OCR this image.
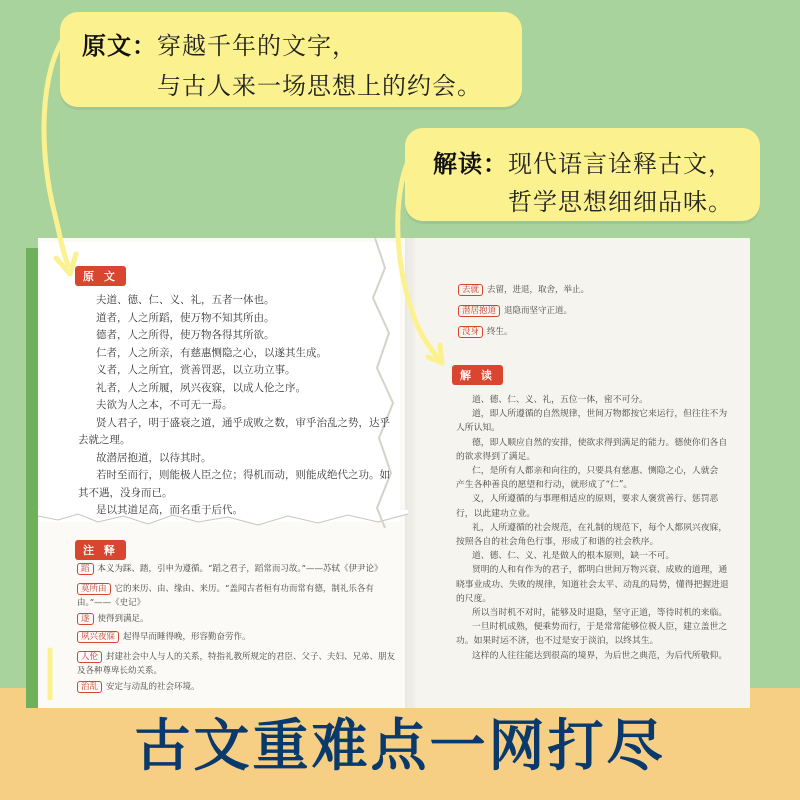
原 文
夫道、德、仁、义、礼，五者一体也。
道者，人之所蹈，使万物不知其所由。
德者，人之所得，使万物各得其所欲。
仁者，人之所亲，有慈惠恻隐之心，以遂其生成。
义者，人之所宜，赏善罚恶，以立功立事。
礼者，人之所履，夙兴夜寐，以成人伦之序。
夫欲为人之本，不可无一焉。
贤人君子，明于盛衰之道，通乎成败之数，审乎治乱之势，达乎
去就之理。
故潜居抱道，以待其时。
若时至而行，则能极人臣之位；得机而动，则能成绝代之功。如
其不遇，没身而已。
是以其道足高，而名重于后代。
注 释
蹈 本义为踩、踏，引申为遵循。“蹈之君子，蹈常而习故。”——苏轼《伊尹论》
莫所由 它的来历、由、缘由、来历。“盖闻古者桓有功而常有德，制礼乐各有由。”——《史记》
遂 使得到满足。
夙兴夜寐 起得早而睡得晚，形容勤奋劳作。
人伦 封建社会中人与人的关系，特指礼教所规定的君臣、父子、夫妇、兄弟、朋友及各种尊卑长幼关系。
治乱 安定与动乱的社会环境。
去就 去留，进退，取舍，举止。
潜居抱道 退隐而坚守正道。
没身 终生。
解 读
道、德、仁、义、礼，五位一体，密不可分。
道，即人所遵循的自然规律，世间万物都按它来运行，但往往不为
人所认知。
德，即人顺应自然的安排，使欲求得到满足的能力。德使你们各自
的欲求得到了满足。
仁，是所有人都亲和向往的，只要具有慈惠、恻隐之心，人就会
产生各种善良的愿望和行动，就形成了“仁”。
义，人所遵循的与事理相适应的原则，要求人褒赏善行、惩罚恶
行，以此建功立业。
礼，人所遵循的社会规范，在礼制的规范下，每个人都夙兴夜寐，
按照各自的社会角色行事，形成了和谐的社会秩序。
道、德、仁、义、礼是做人的根本原则，缺一不可。
贤明的人和有作为的君子，都明白世间万物兴衰、成败的道理，通
晓事业成功、失败的规律，知道社会太平、动乱的局势，懂得把握进退
的尺度。
所以当时机不对时，能够及时退隐，坚守正道，等待时机的来临。
一旦时机成熟，便乘势而行，于是常常能够位极人臣，建立盖世之
功。如果时运不济，也不过是安于淡泊，以终其生。
这样的人往往能达到很高的境界，为后世之典范，为后代所敬仰。
原文：穿越千年的文字，
与古人来一场思想上的约会。
解读：现代语言诠释古文，
哲学思想细细品味。
古文重难点一网打尽
